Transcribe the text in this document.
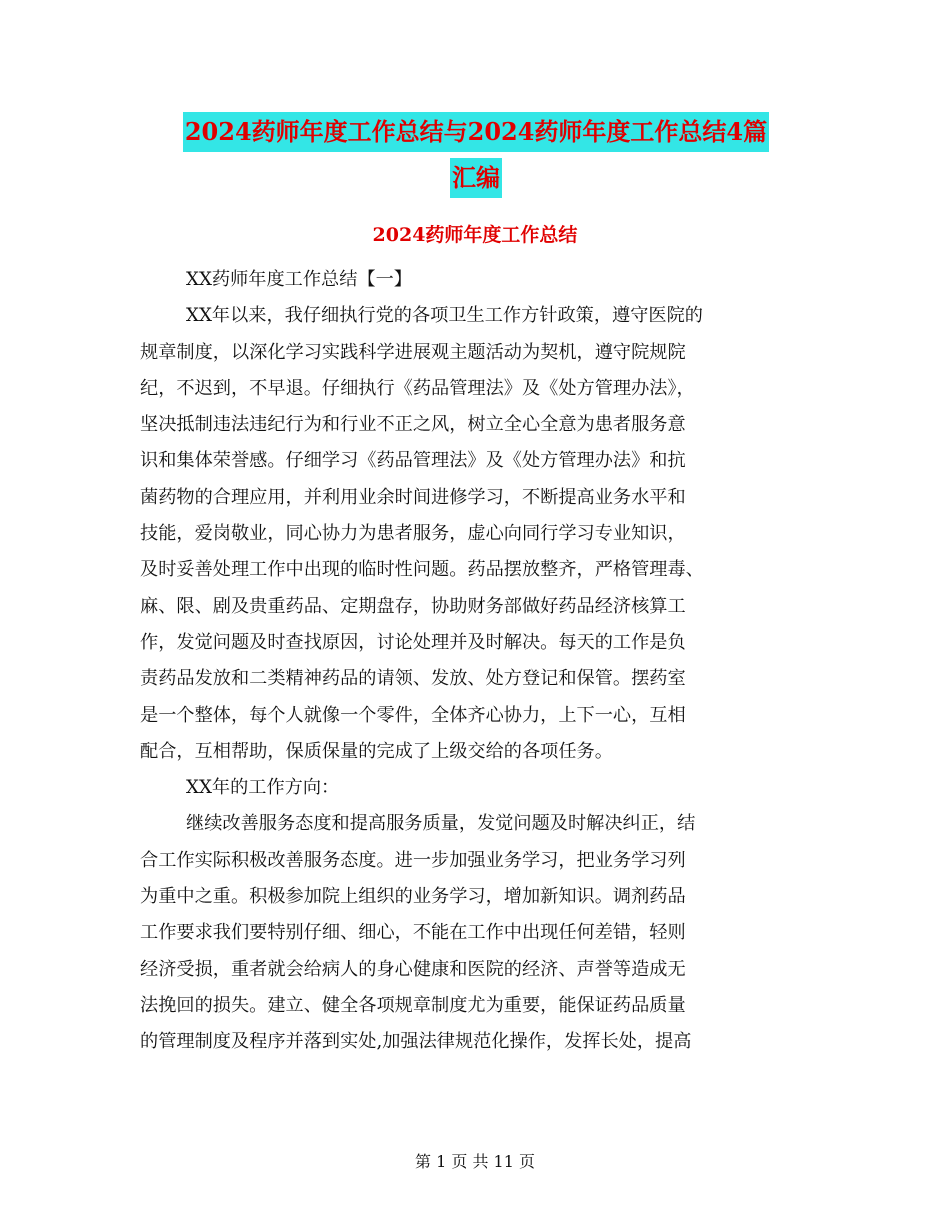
2024药师年度工作总结与2024药师年度工作总结4篇
汇编
2024药师年度工作总结
XX药师年度工作总结【一】
XX年以来，我仔细执行党的各项卫生工作方针政策，遵守医院的
规章制度，以深化学习实践科学进展观主题活动为契机，遵守院规院
纪，不迟到，不早退。仔细执行《药品管理法》及《处方管理办法》，
坚决抵制违法违纪行为和行业不正之风，树立全心全意为患者服务意
识和集体荣誉感。仔细学习《药品管理法》及《处方管理办法》和抗
菌药物的合理应用，并利用业余时间进修学习，不断提高业务水平和
技能，爱岗敬业，同心协力为患者服务，虚心向同行学习专业知识，
及时妥善处理工作中出现的临时性问题。药品摆放整齐，严格管理毒、
麻、限、剧及贵重药品、定期盘存，协助财务部做好药品经济核算工
作，发觉问题及时查找原因，讨论处理并及时解决。每天的工作是负
责药品发放和二类精神药品的请领、发放、处方登记和保管。摆药室
是一个整体，每个人就像一个零件，全体齐心协力，上下一心，互相
配合，互相帮助，保质保量的完成了上级交给的各项任务。
XX年的工作方向：
继续改善服务态度和提高服务质量，发觉问题及时解决纠正，结
合工作实际积极改善服务态度。进一步加强业务学习，把业务学习列
为重中之重。积极参加院上组织的业务学习，增加新知识。调剂药品
工作要求我们要特别仔细、细心，不能在工作中出现任何差错，轻则
经济受损，重者就会给病人的身心健康和医院的经济、声誉等造成无
法挽回的损失。建立、健全各项规章制度尤为重要，能保证药品质量
的管理制度及程序并落到实处,加强法律规范化操作，发挥长处，提高
第 1 页 共 11 页
